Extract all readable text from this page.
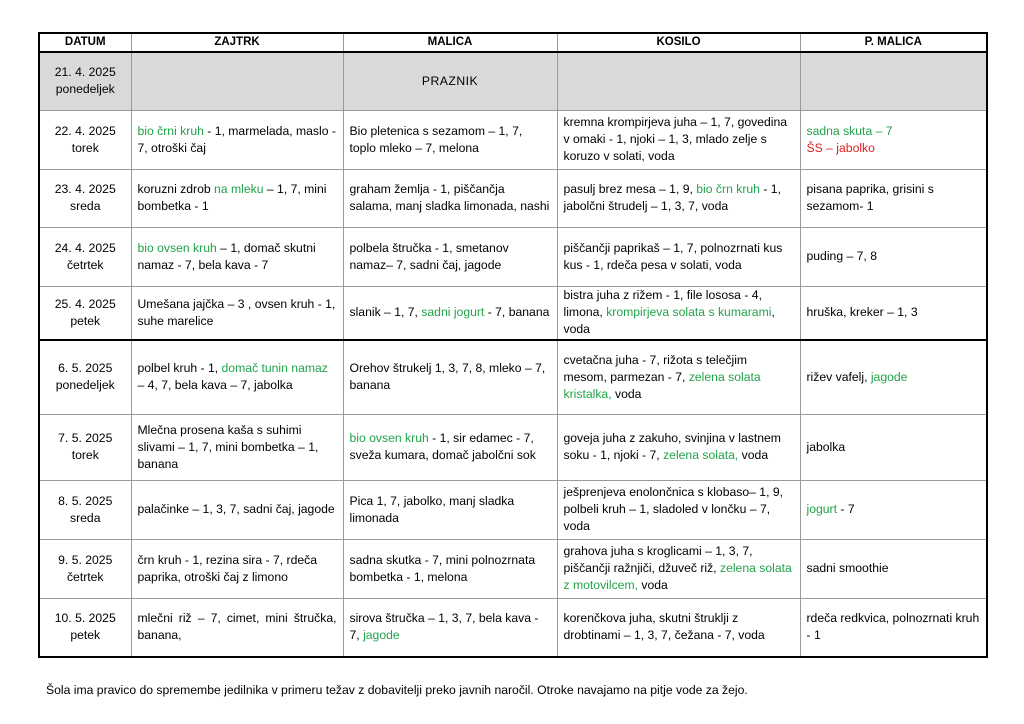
DATUM	ZAJTRK	MALICA	KOSILO	P. MALICA
21. 4. 2025
ponedeljek		PRAZNIK		
22. 4. 2025
torek	bio črni kruh - 1, marmelada, maslo - 7, otroški čaj	Bio pletenica s sezamom – 1, 7, toplo mleko – 7, melona	kremna krompirjeva juha – 1, 7, govedina v omaki - 1, njoki – 1, 3, mlado zelje s koruzo v solati, voda	sadna skuta – 7
ŠS – jabolko
23. 4. 2025
sreda	koruzni zdrob na mleku – 1, 7, mini bombetka - 1	graham žemlja - 1, piščančja salama, manj sladka limonada, nashi	pasulj brez mesa – 1, 9, bio črn kruh - 1, jabolčni štrudelj – 1, 3, 7, voda	pisana paprika, grisini s sezamom- 1
24. 4. 2025
četrtek	bio ovsen kruh – 1, domač skutni namaz - 7, bela kava - 7	polbela štručka - 1, smetanov namaz– 7, sadni čaj, jagode	piščančji paprikaš – 1, 7, polnozrnati kus kus - 1, rdeča pesa v solati, voda	puding – 7, 8
25. 4. 2025
petek	Umešana jajčka – 3 , ovsen kruh - 1, suhe marelice	slanik – 1, 7, sadni jogurt - 7, banana	bistra juha z rižem - 1, file lososa - 4, limona, krompirjeva solata s kumarami, voda	hruška, kreker – 1, 3
6. 5. 2025
ponedeljek	polbel kruh - 1, domač tunin namaz – 4, 7, bela kava – 7, jabolka	Orehov štrukelj 1, 3, 7, 8, mleko – 7, banana	cvetačna juha - 7, rižota s telečjim mesom, parmezan - 7, zelena solata kristalka, voda	rižev vafelj, jagode
7. 5. 2025
torek	Mlečna prosena kaša s suhimi slivami – 1, 7, mini bombetka – 1, banana	bio ovsen kruh - 1, sir edamec - 7, sveža kumara, domač jabolčni sok	goveja juha z zakuho, svinjina v lastnem soku - 1, njoki - 7, zelena solata, voda	jabolka
8. 5. 2025
sreda	palačinke – 1, 3, 7, sadni čaj, jagode	Pica 1, 7, jabolko, manj sladka limonada	ješprenjeva enolončnica s klobaso– 1, 9, polbeli kruh – 1, sladoled v lončku – 7, voda	jogurt - 7
9. 5. 2025
četrtek	črn kruh - 1, rezina sira - 7, rdeča paprika, otroški čaj z limono	sadna skutka - 7, mini polnozrnata bombetka - 1, melona	grahova juha s kroglicami – 1, 3, 7, piščančji ražnjiči, džuveč riž, zelena solata z motovilcem, voda	sadni smoothie
10. 5. 2025
petek	mlečni riž – 7, cimet, mini štručka, banana,	sirova štručka – 1, 3, 7, bela kava - 7, jagode	korenčkova juha, skutni štruklji z drobtinami – 1, 3, 7, čežana - 7, voda	rdeča redkvica, polnozrnati kruh - 1
Šola ima pravico do spremembe jedilnika v primeru težav z dobavitelji preko javnih naročil. Otroke navajamo na pitje vode za žejo.
